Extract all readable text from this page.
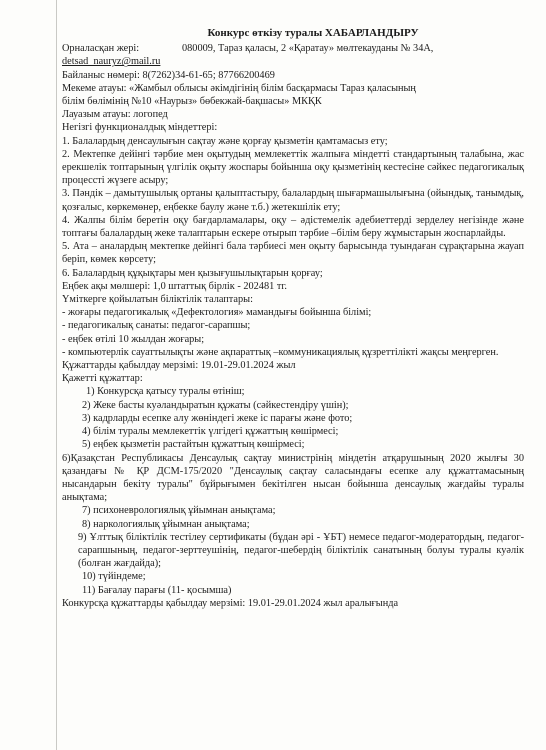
Конкурс өткізу туралы ХАБАРЛАНДЫРУ

Орналасқан жері:	080009, Тараз қаласы, 2 «Қаратау» мөлтекауданы № 34А,

detsad_nauryz@mail.ru

Байланыс нөмері: 8(7262)34-61-65; 87766200469

Мекеме атауы: «Жамбыл облысы әкімдігінің білім басқармасы Тараз қаласының

білім бөлімінің №10 «Наурыз» бөбекжай-бақшасы» МКҚК

Лауазым атауы: логопед

Негізгі функционалдық міндеттері:

1. Балалардың денсаулығын сақтау және қорғау қызметін қамтамасыз ету;

2. Мектепке дейінгі тәрбие мен оқытудың мемлекеттік жалпыға міндетті стандартының талабына, жас ерекшелік топтарының үлгілік оқыту жоспары бойынша оқу қызметінің кестесіне сәйкес педагогикалық процессті жүзеге асыру;

3. Пәндік – дамытушылық ортаны қалыптастыру, балалардың шығармашылығына (ойындық, танымдық, қозғалыс, көркемөнер, еңбекке баулу және т.б.) жетекшілік ету;

4. Жалпы білім беретін оқу бағдарламалары, оқу – әдістемелік әдебиеттерді зерделеу негізінде және топтағы балалардың жеке талаптарын ескере отырып тәрбие –білім беру жұмыстарын жоспарлайды.

5. Ата – аналардың мектепке дейінгі бала тәрбиесі мен оқыту барысында туындаған сұрақтарына жауап беріп, көмек көрсету;

6. Балалардың құқықтары мен қызығушылықтарын қорғау;

Еңбек ақы мөлшері: 1,0 штаттық бірлік - 202481 тг.

Үміткерге қойылатын біліктілік талаптары:

- жоғары педагогикалық «Дефектология» мамандығы бойынша білімі;

- педагогикалық санаты: педагог-сарапшы;

- еңбек өтілі 10 жылдан жоғары;

- компьютерлік сауаттылықты және ақпараттық –коммуникациялық құзреттілікті жақсы меңгерген.

Құжаттарды қабылдау мерзімі: 19.01-29.01.2024 жыл

Қажетті құжаттар:

1) Конкурсқа қатысу туралы өтініш;

2) Жеке басты куәландыратын құжаты (сәйкестендіру үшін);

3) кадрларды есепке алу жөніндегі жеке іс парағы және фото;

4) білім туралы мемлекеттік үлгідегі құжаттың көшірмесі;

5) еңбек қызметін растайтын құжаттың көшірмесі;

6)Қазақстан Республикасы Денсаулық сақтау министрінің міндетін атқарушының 2020 жылғы 30 қазандағы № ҚР ДСМ-175/2020 "Денсаулық сақтау саласындағы есепке алу құжаттамасының нысандарын бекіту туралы" бұйрығымен бекітілген нысан бойынша денсаулық жағдайы туралы анықтама;

7) психоневрологиялық ұйымнан анықтама;

8) наркологиялық ұйымнан анықтама;

9) Ұлттық біліктілік тестілеу сертификаты (бұдан әрі - ҰБТ) немесе педагог-модератордың, педагог-сарапшының, педагог-зерттеушінің, педагог-шебердің біліктілік санатының болуы туралы куәлік (болған жағдайда);

10) түйіндеме;

11) Бағалау парағы (11- қосымша)

Конкурсқа құжаттарды қабылдау мерзімі: 19.01-29.01.2024 жыл аралығында
